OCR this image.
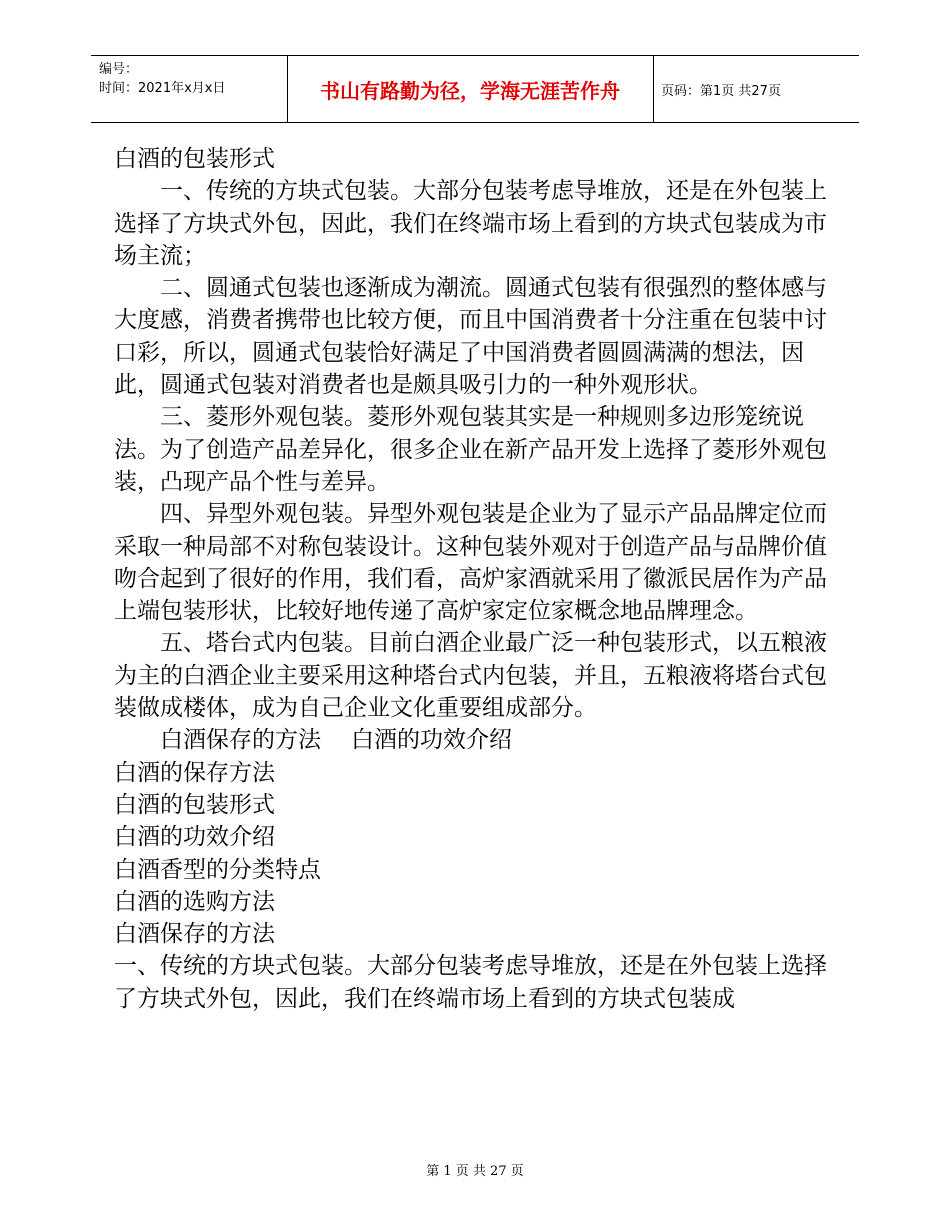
编号：
时间：2021年x月x日	书山有路勤为径，学海无涯苦作舟	页码：第1页 共27页

白酒的包装形式

一、传统的方块式包装。大部分包装考虑导堆放，还是在外包装上选择了方块式外包，因此，我们在终端市场上看到的方块式包装成为市场主流；

二、圆通式包装也逐渐成为潮流。圆通式包装有很强烈的整体感与大度感，消费者携带也比较方便，而且中国消费者十分注重在包装中讨口彩，所以，圆通式包装恰好满足了中国消费者圆圆满满的想法，因此，圆通式包装对消费者也是颇具吸引力的一种外观形状。

三、菱形外观包装。菱形外观包装其实是一种规则多边形笼统说法。为了创造产品差异化，很多企业在新产品开发上选择了菱形外观包装，凸现产品个性与差异。

四、异型外观包装。异型外观包装是企业为了显示产品品牌定位而采取一种局部不对称包装设计。这种包装外观对于创造产品与品牌价值吻合起到了很好的作用，我们看，高炉家酒就采用了徽派民居作为产品上端包装形状，比较好地传递了高炉家定位家概念地品牌理念。

五、塔台式内包装。目前白酒企业最广泛一种包装形式，以五粮液为主的白酒企业主要采用这种塔台式内包装，并且，五粮液将塔台式包装做成楼体，成为自己企业文化重要组成部分。

白酒保存的方法 白酒的功效介绍

白酒的保存方法

白酒的包装形式

白酒的功效介绍

白酒香型的分类特点

白酒的选购方法

白酒保存的方法

一、传统的方块式包装。大部分包装考虑导堆放，还是在外包装上选择了方块式外包，因此，我们在终端市场上看到的方块式包装成

第 1 页 共 27 页
